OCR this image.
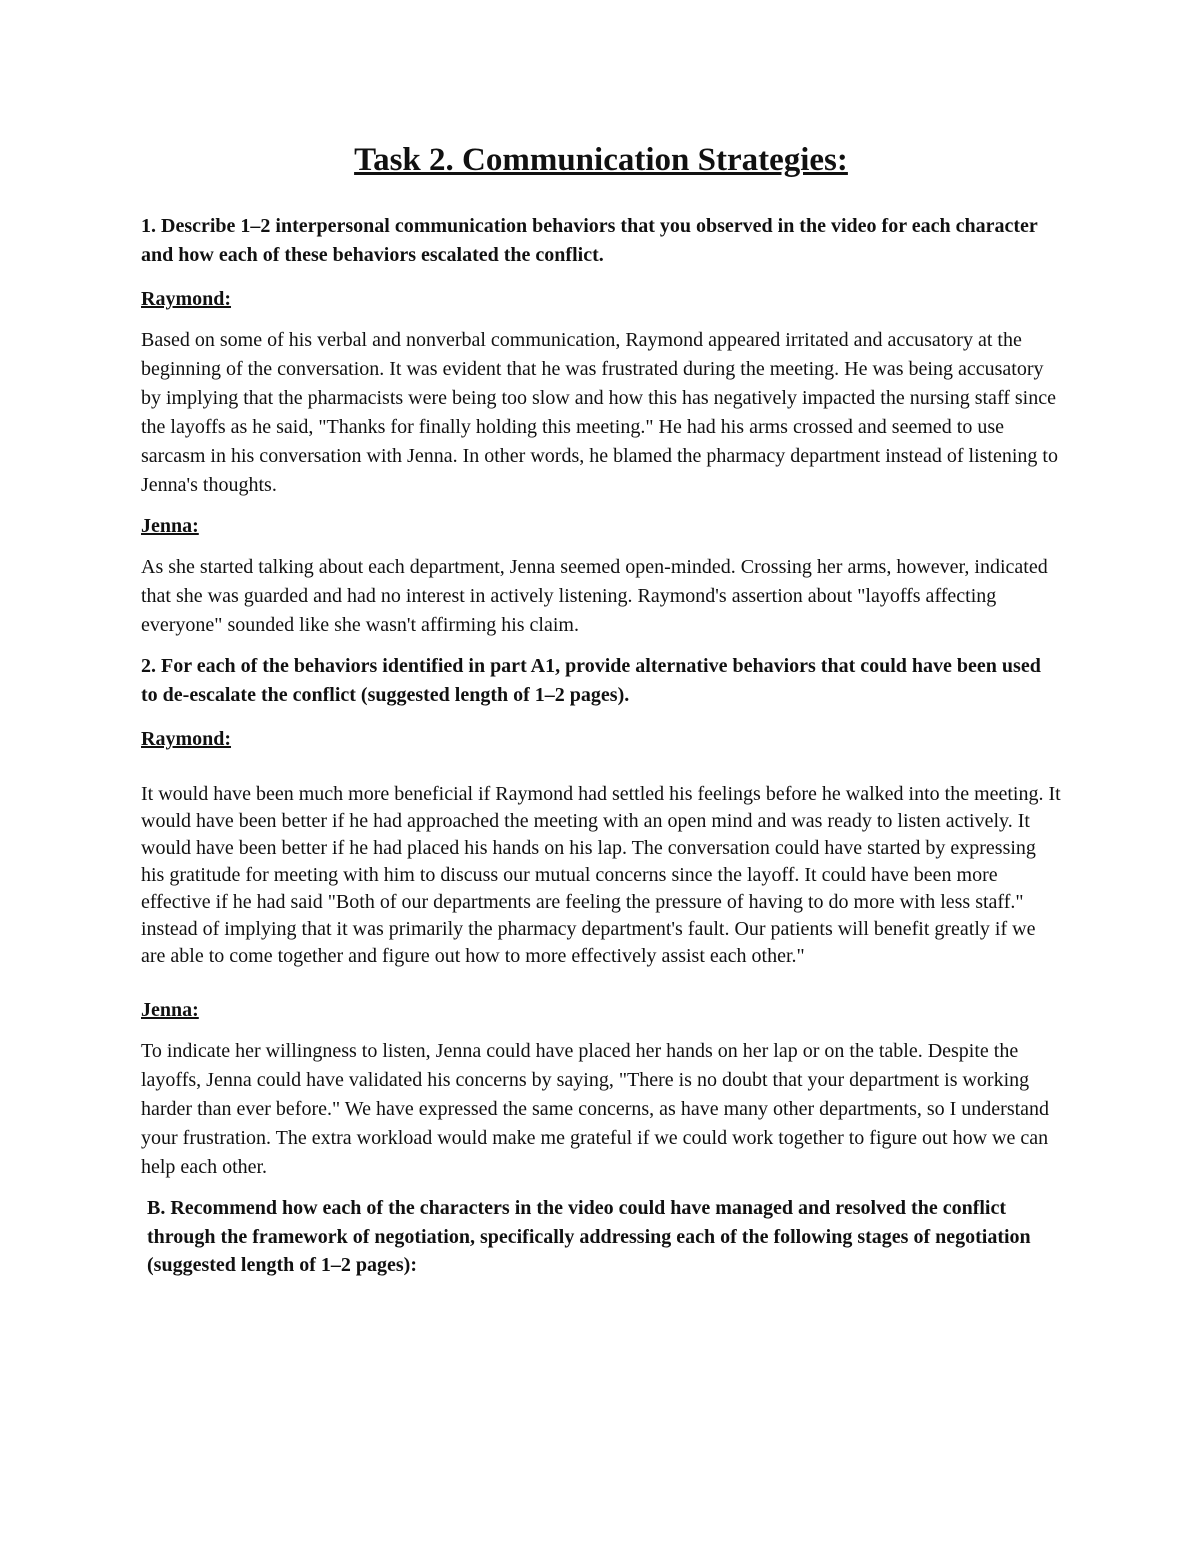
Task 2. Communication Strategies:

1. Describe 1–2 interpersonal communication behaviors that you observed in the video for each character and how each of these behaviors escalated the conflict.

Raymond:

Based on some of his verbal and nonverbal communication, Raymond appeared irritated and accusatory at the beginning of the conversation. It was evident that he was frustrated during the meeting. He was being accusatory by implying that the pharmacists were being too slow and how this has negatively impacted the nursing staff since the layoffs as he said, "Thanks for finally holding this meeting." He had his arms crossed and seemed to use sarcasm in his conversation with Jenna. In other words, he blamed the pharmacy department instead of listening to Jenna's thoughts.

Jenna:

As she started talking about each department, Jenna seemed open-minded. Crossing her arms, however, indicated that she was guarded and had no interest in actively listening. Raymond's assertion about "layoffs affecting everyone" sounded like she wasn't affirming his claim.

2. For each of the behaviors identified in part A1, provide alternative behaviors that could have been used to de-escalate the conflict (suggested length of 1–2 pages).

Raymond:

It would have been much more beneficial if Raymond had settled his feelings before he walked into the meeting. It would have been better if he had approached the meeting with an open mind and was ready to listen actively. It would have been better if he had placed his hands on his lap. The conversation could have started by expressing his gratitude for meeting with him to discuss our mutual concerns since the layoff. It could have been more effective if he had said "Both of our departments are feeling the pressure of having to do more with less staff." instead of implying that it was primarily the pharmacy department's fault. Our patients will benefit greatly if we are able to come together and figure out how to more effectively assist each other."

Jenna:

To indicate her willingness to listen, Jenna could have placed her hands on her lap or on the table. Despite the layoffs, Jenna could have validated his concerns by saying, "There is no doubt that your department is working harder than ever before." We have expressed the same concerns, as have many other departments, so I understand your frustration. The extra workload would make me grateful if we could work together to figure out how we can help each other.

B. Recommend how each of the characters in the video could have managed and resolved the conflict through the framework of negotiation, specifically addressing each of the following stages of negotiation (suggested length of 1–2 pages):
